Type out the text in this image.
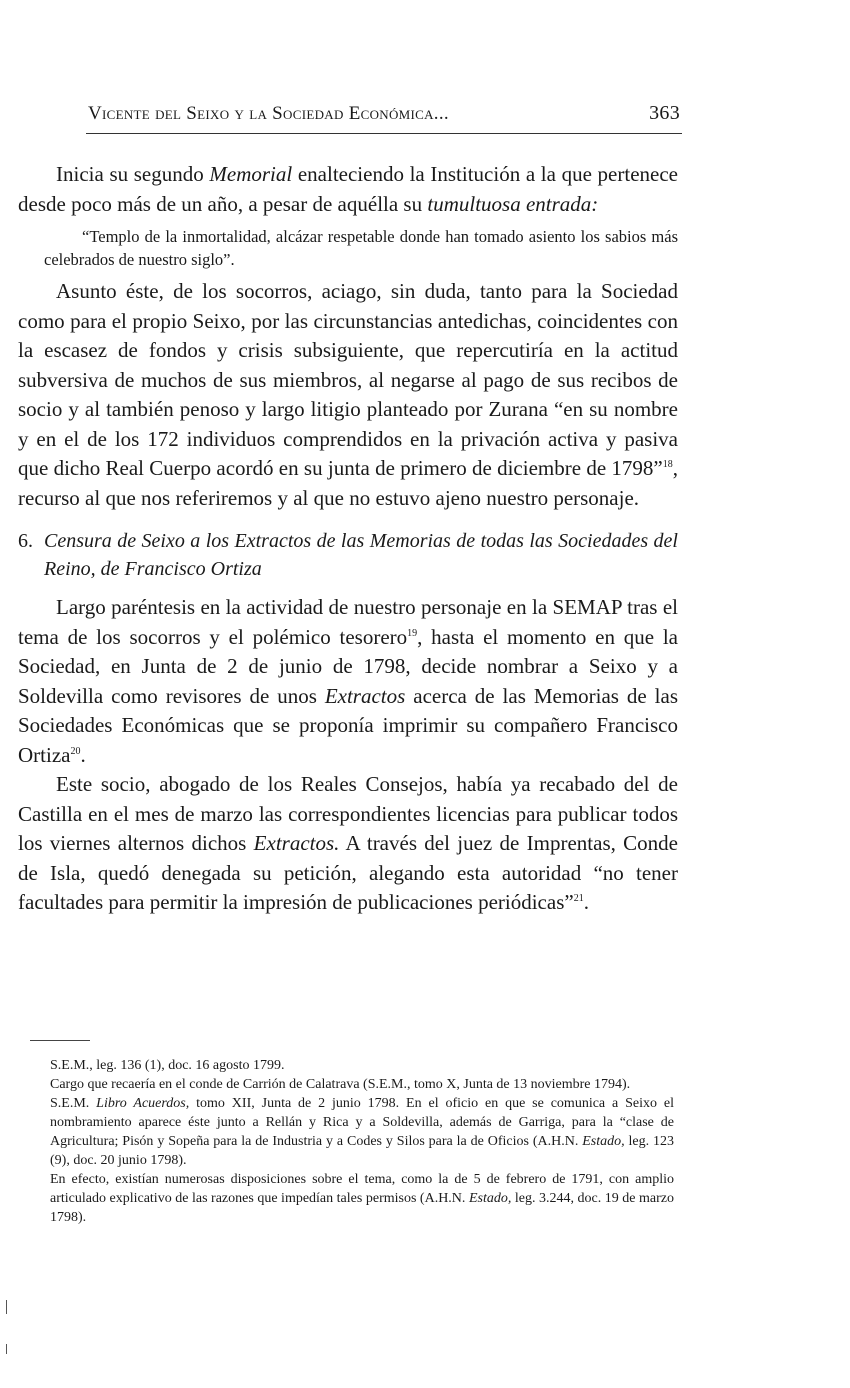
Vicente del Seixo y la Sociedad Económica...	363

Inicia su segundo Memorial enalteciendo la Institución a la que pertenece desde poco más de un año, a pesar de aquélla su tumultuosa entrada:

“Templo de la inmortalidad, alcázar respetable donde han tomado asiento los sabios más celebrados de nuestro siglo”.

Asunto éste, de los socorros, aciago, sin duda, tanto para la Sociedad como para el propio Seixo, por las circunstancias antedichas, coincidentes con la escasez de fondos y crisis subsiguiente, que repercutiría en la actitud subversiva de muchos de sus miembros, al negarse al pago de sus recibos de socio y al también penoso y largo litigio planteado por Zurana “en su nombre y en el de los 172 individuos comprendidos en la privación activa y pasiva que dicho Real Cuerpo acordó en su junta de primero de diciembre de 1798”$^{18}$, recurso al que nos referiremos y al que no estuvo ajeno nuestro personaje.

6. Censura de Seixo a los Extractos de las Memorias de todas las Sociedades del Reino, de Francisco Ortiza

Largo paréntesis en la actividad de nuestro personaje en la SEMAP tras el tema de los socorros y el polémico tesorero$^{19}$, hasta el momento en que la Sociedad, en Junta de 2 de junio de 1798, decide nombrar a Seixo y a Soldevilla como revisores de unos Extractos acerca de las Memorias de las Sociedades Económicas que se proponía imprimir su compañero Francisco Ortiza$^{20}$.

Este socio, abogado de los Reales Consejos, había ya recabado del de Castilla en el mes de marzo las correspondientes licencias para publicar todos los viernes alternos dichos Extractos. A través del juez de Imprentas, Conde de Isla, quedó denegada su petición, alegando esta autoridad “no tener facultades para permitir la impresión de publicaciones periódicas”$^{21}$.

S.E.M., leg. 136 (1), doc. 16 agosto 1799.

Cargo que recaería en el conde de Carrión de Calatrava (S.E.M., tomo X, Junta de 13 noviembre 1794).

S.E.M. Libro Acuerdos, tomo XII, Junta de 2 junio 1798. En el oficio en que se comunica a Seixo el nombramiento aparece éste junto a Rellán y Rica y a Soldevilla, además de Garriga, para la “clase de Agricultura; Pisón y Sopeña para la de Industria y a Codes y Silos para la de Oficios (A.H.N. Estado, leg. 123 (9), doc. 20 junio 1798).

En efecto, existían numerosas disposiciones sobre el tema, como la de 5 de febrero de 1791, con amplio articulado explicativo de las razones que impedían tales permisos (A.H.N. Estado, leg. 3.244, doc. 19 de marzo 1798).
